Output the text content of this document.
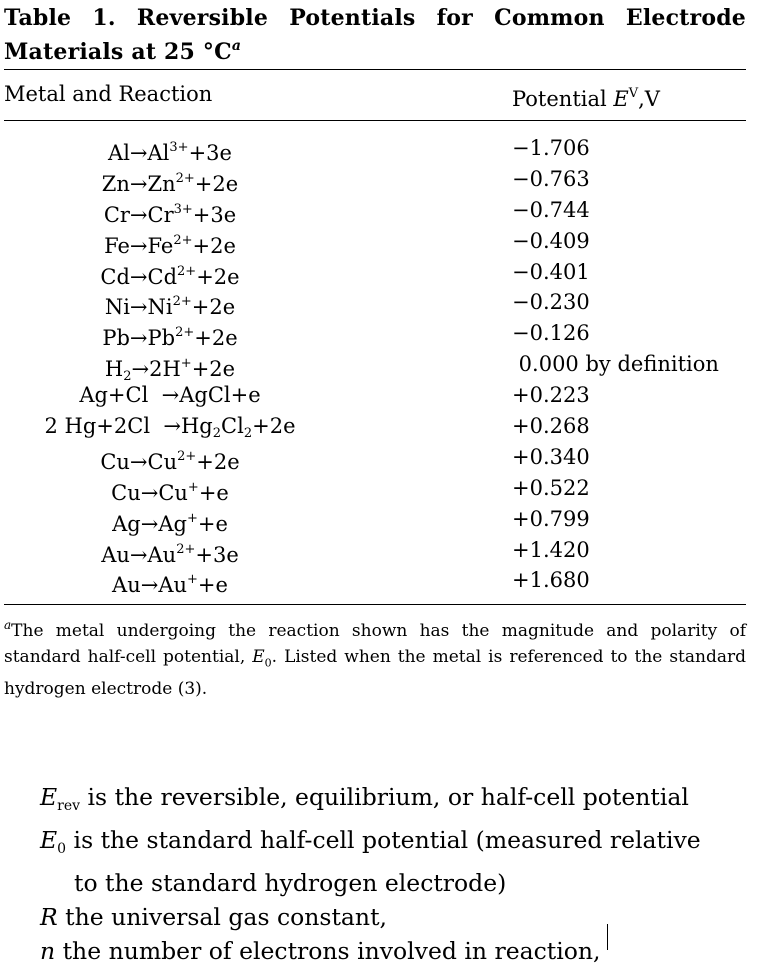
Table 1. Reversible Potentials for Common Electrode Materials at 25 $^\circ C^a$
Metal and Reaction	Potential $E^V,V$
$Al\to Al^{3+}+3e$	−1.706
$Zn\to Zn^{2+}+2e$	−0.763
$Cr\to Cr^{3+}+3e$	−0.744
$Fe\to Fe^{2+}+2e$	−0.409
$Cd\to Cd^{2+}+2e$	−0.401
$Ni\to Ni^{2+}+2e$	−0.230
$Pb\to Pb^{2+}+2e$	−0.126
$H_2\to 2H^++2e$	0.000 by definition
Ag+Cl  →AgCl+e	+0.223
2 $Hg+2Cl \to Hg_2Cl_2+2e$	+0.268
$Cu\to Cu^{2+}+2e$	+0.340
Cu→Cu++e	+0.522
Ag→Ag++e	+0.799
$Au\to Au^{2+}+3e$	+1.420
Au→Au++e	+1.680
$^a$The metal undergoing the reaction shown has the magnitude and polarity of standard half-cell potential, $E_0$. Listed when the metal is referenced to the standard hydrogen electrode (3).
$E_{rev}$ is the reversible, equilibrium, or half-cell potential
$E_0$ is the standard half-cell potential (measured relative
to the standard hydrogen electrode)
R the universal gas constant,
n the number of electrons involved in reaction,
